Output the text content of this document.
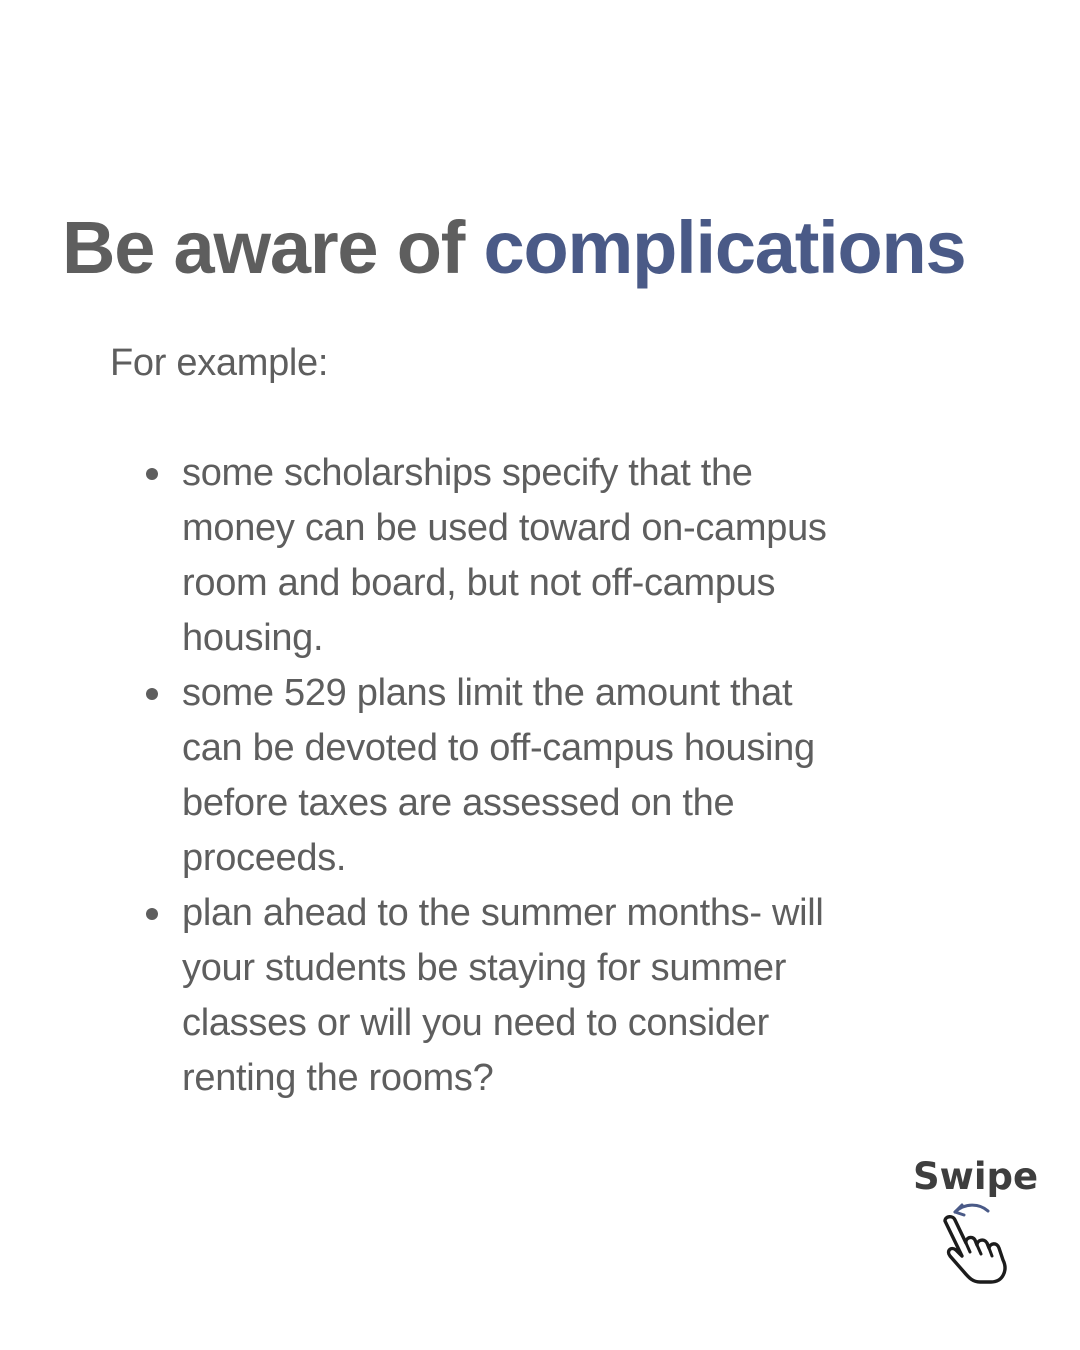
Be aware of complications

For example:

some scholarships specify that the
money can be used toward on-campus
room and board, but not off-campus
housing.
some 529 plans limit the amount that
can be devoted to off-campus housing
before taxes are assessed on the
proceeds.
plan ahead to the summer months- will
your students be staying for summer
classes or will you need to consider
renting the rooms?
Swipe
